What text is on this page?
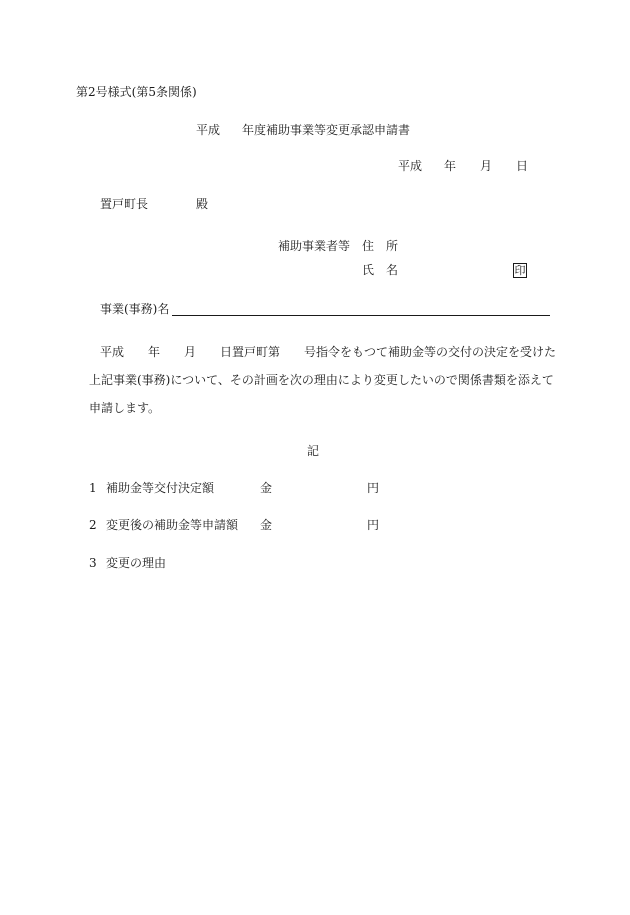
第2号様式(第5条関係)
平成 年度補助事業等変更承認申請書
平成 年 月 日
置戸町長	殿
補助事業者等 住　所
氏　名	印
事業(事務)名
平成 年 月 日置戸町第　　号指令をもつて補助金等の交付の決定を受けた
上記事業(事務)について、その計画を次の理由により変更したいので関係書類を添えて
申請します。
記
1 補助金等交付決定額	金	円
2 変更後の補助金等申請額 金	円
3 変更の理由
